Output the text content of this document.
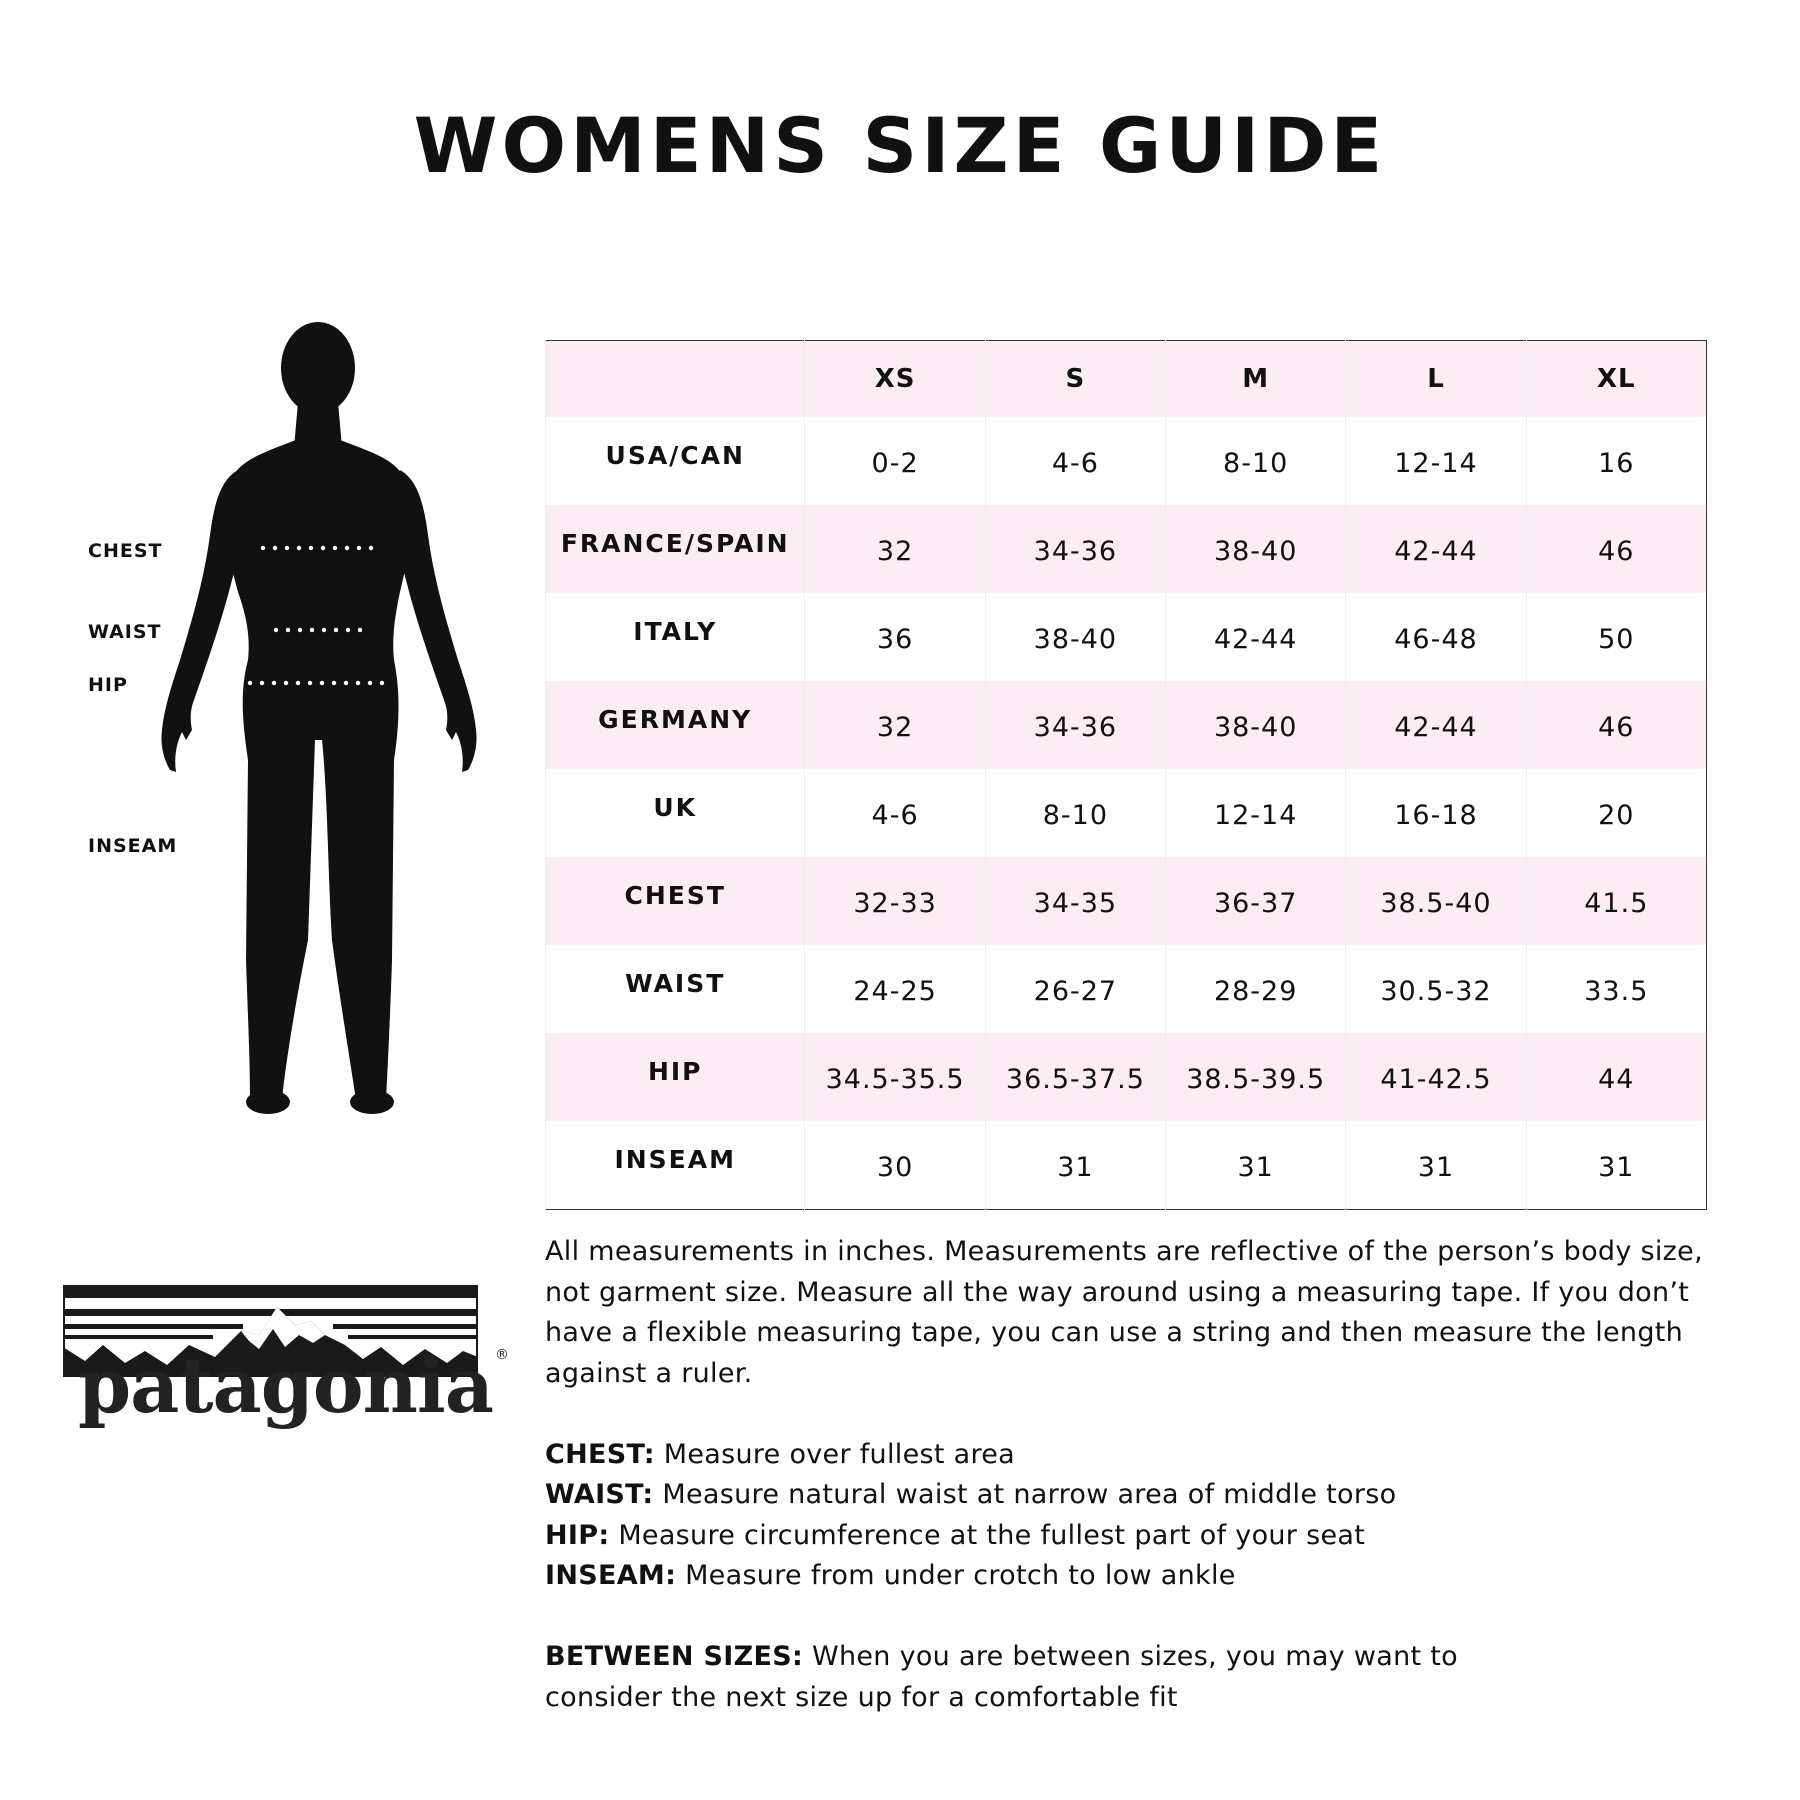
WOMENS SIZE GUIDE
CHEST
WAIST
HIP
INSEAM
	XS	S	M	L	XL
USA/CAN	0-2	4-6	8-10	12-14	16
FRANCE/SPAIN	32	34-36	38-40	42-44	46
ITALY	36	38-40	42-44	46-48	50
GERMANY	32	34-36	38-40	42-44	46
UK	4-6	8-10	12-14	16-18	20
CHEST	32-33	34-35	36-37	38.5-40	41.5
WAIST	24-25	26-27	28-29	30.5-32	33.5
HIP	34.5-35.5	36.5-37.5	38.5-39.5	41-42.5	44
INSEAM	30	31	31	31	31
patagonia ®

All measurements in inches. Measurements are reflective of the person’s body size, not garment size. Measure all the way around using a measuring tape. If you don’t have a flexible measuring tape, you can use a string and then measure the length against a ruler.

CHEST: Measure over fullest area
WAIST: Measure natural waist at narrow area of middle torso
HIP: Measure circumference at the fullest part of your seat
INSEAM: Measure from under crotch to low ankle

BETWEEN SIZES: When you are between sizes, you may want to consider the next size up for a comfortable fit
